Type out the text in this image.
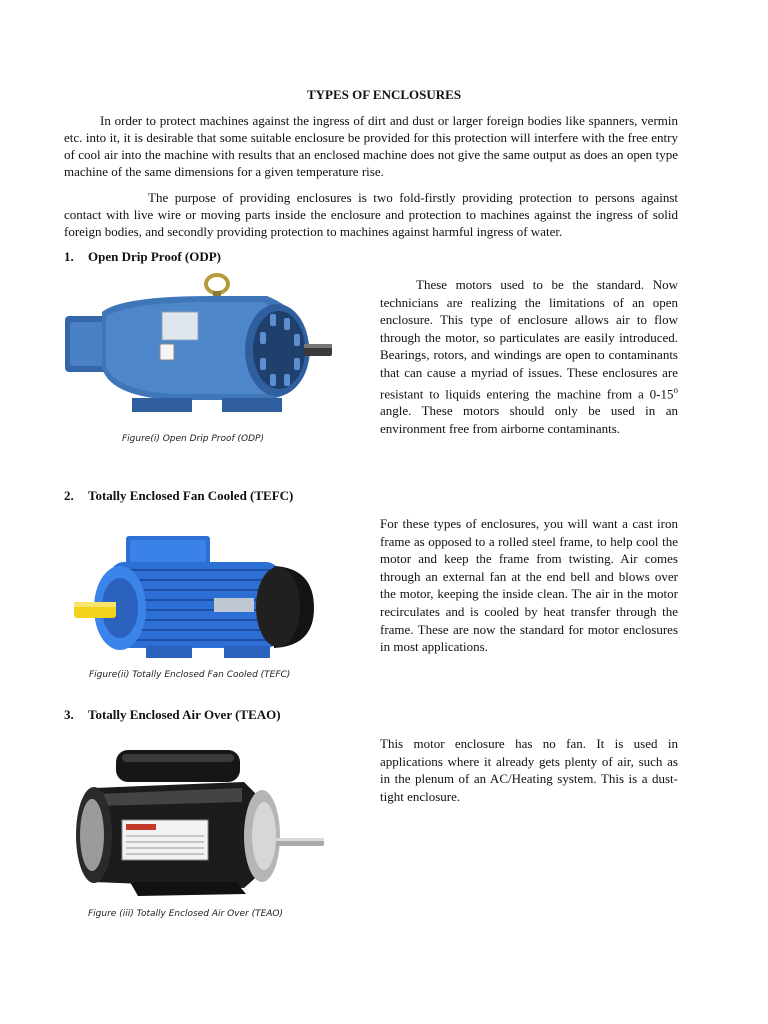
TYPES OF ENCLOSURES

In order to protect machines against the ingress of dirt and dust or larger foreign bodies like spanners, vermin etc. into it, it is desirable that some suitable enclosure be provided for this protection will interfere with the free entry of cool air into the machine with results that an enclosed machine does not give the same output as does an open type machine of the same dimensions for a given temperature rise.

The purpose of providing enclosures is two fold-firstly providing protection to persons against contact with live wire or moving parts inside the enclosure and protection to machines against the ingress of solid foreign bodies, and secondly providing protection to machines against harmful ingress of water.

1. Open Drip Proof (ODP)
Figure(i) Open Drip Proof (ODP)

These motors used to be the standard. Now technicians are realizing the limitations of an open enclosure. This type of enclosure allows air to flow through the motor, so particulates are easily introduced. Bearings, rotors, and windings are open to contaminants that can cause a myriad of issues. These enclosures are resistant to liquids entering the machine from a 0-15$^o$ angle. These motors should only be used in an environment free from airborne contaminants.

2. Totally Enclosed Fan Cooled (TEFC)
Figure(ii) Totally Enclosed Fan Cooled (TEFC)

For these types of enclosures, you will want a cast iron frame as opposed to a rolled steel frame, to help cool the motor and keep the frame from twisting. Air comes through an external fan at the end bell and blows over the motor, keeping the inside clean. The air in the motor recirculates and is cooled by heat transfer through the frame. These are now the standard for motor enclosures in most applications.

3. Totally Enclosed Air Over (TEAO)
Figure (iii) Totally Enclosed Air Over (TEAO)

This motor enclosure has no fan. It is used in applications where it already gets plenty of air, such as in the plenum of an AC/Heating system. This is a dust-tight enclosure.
